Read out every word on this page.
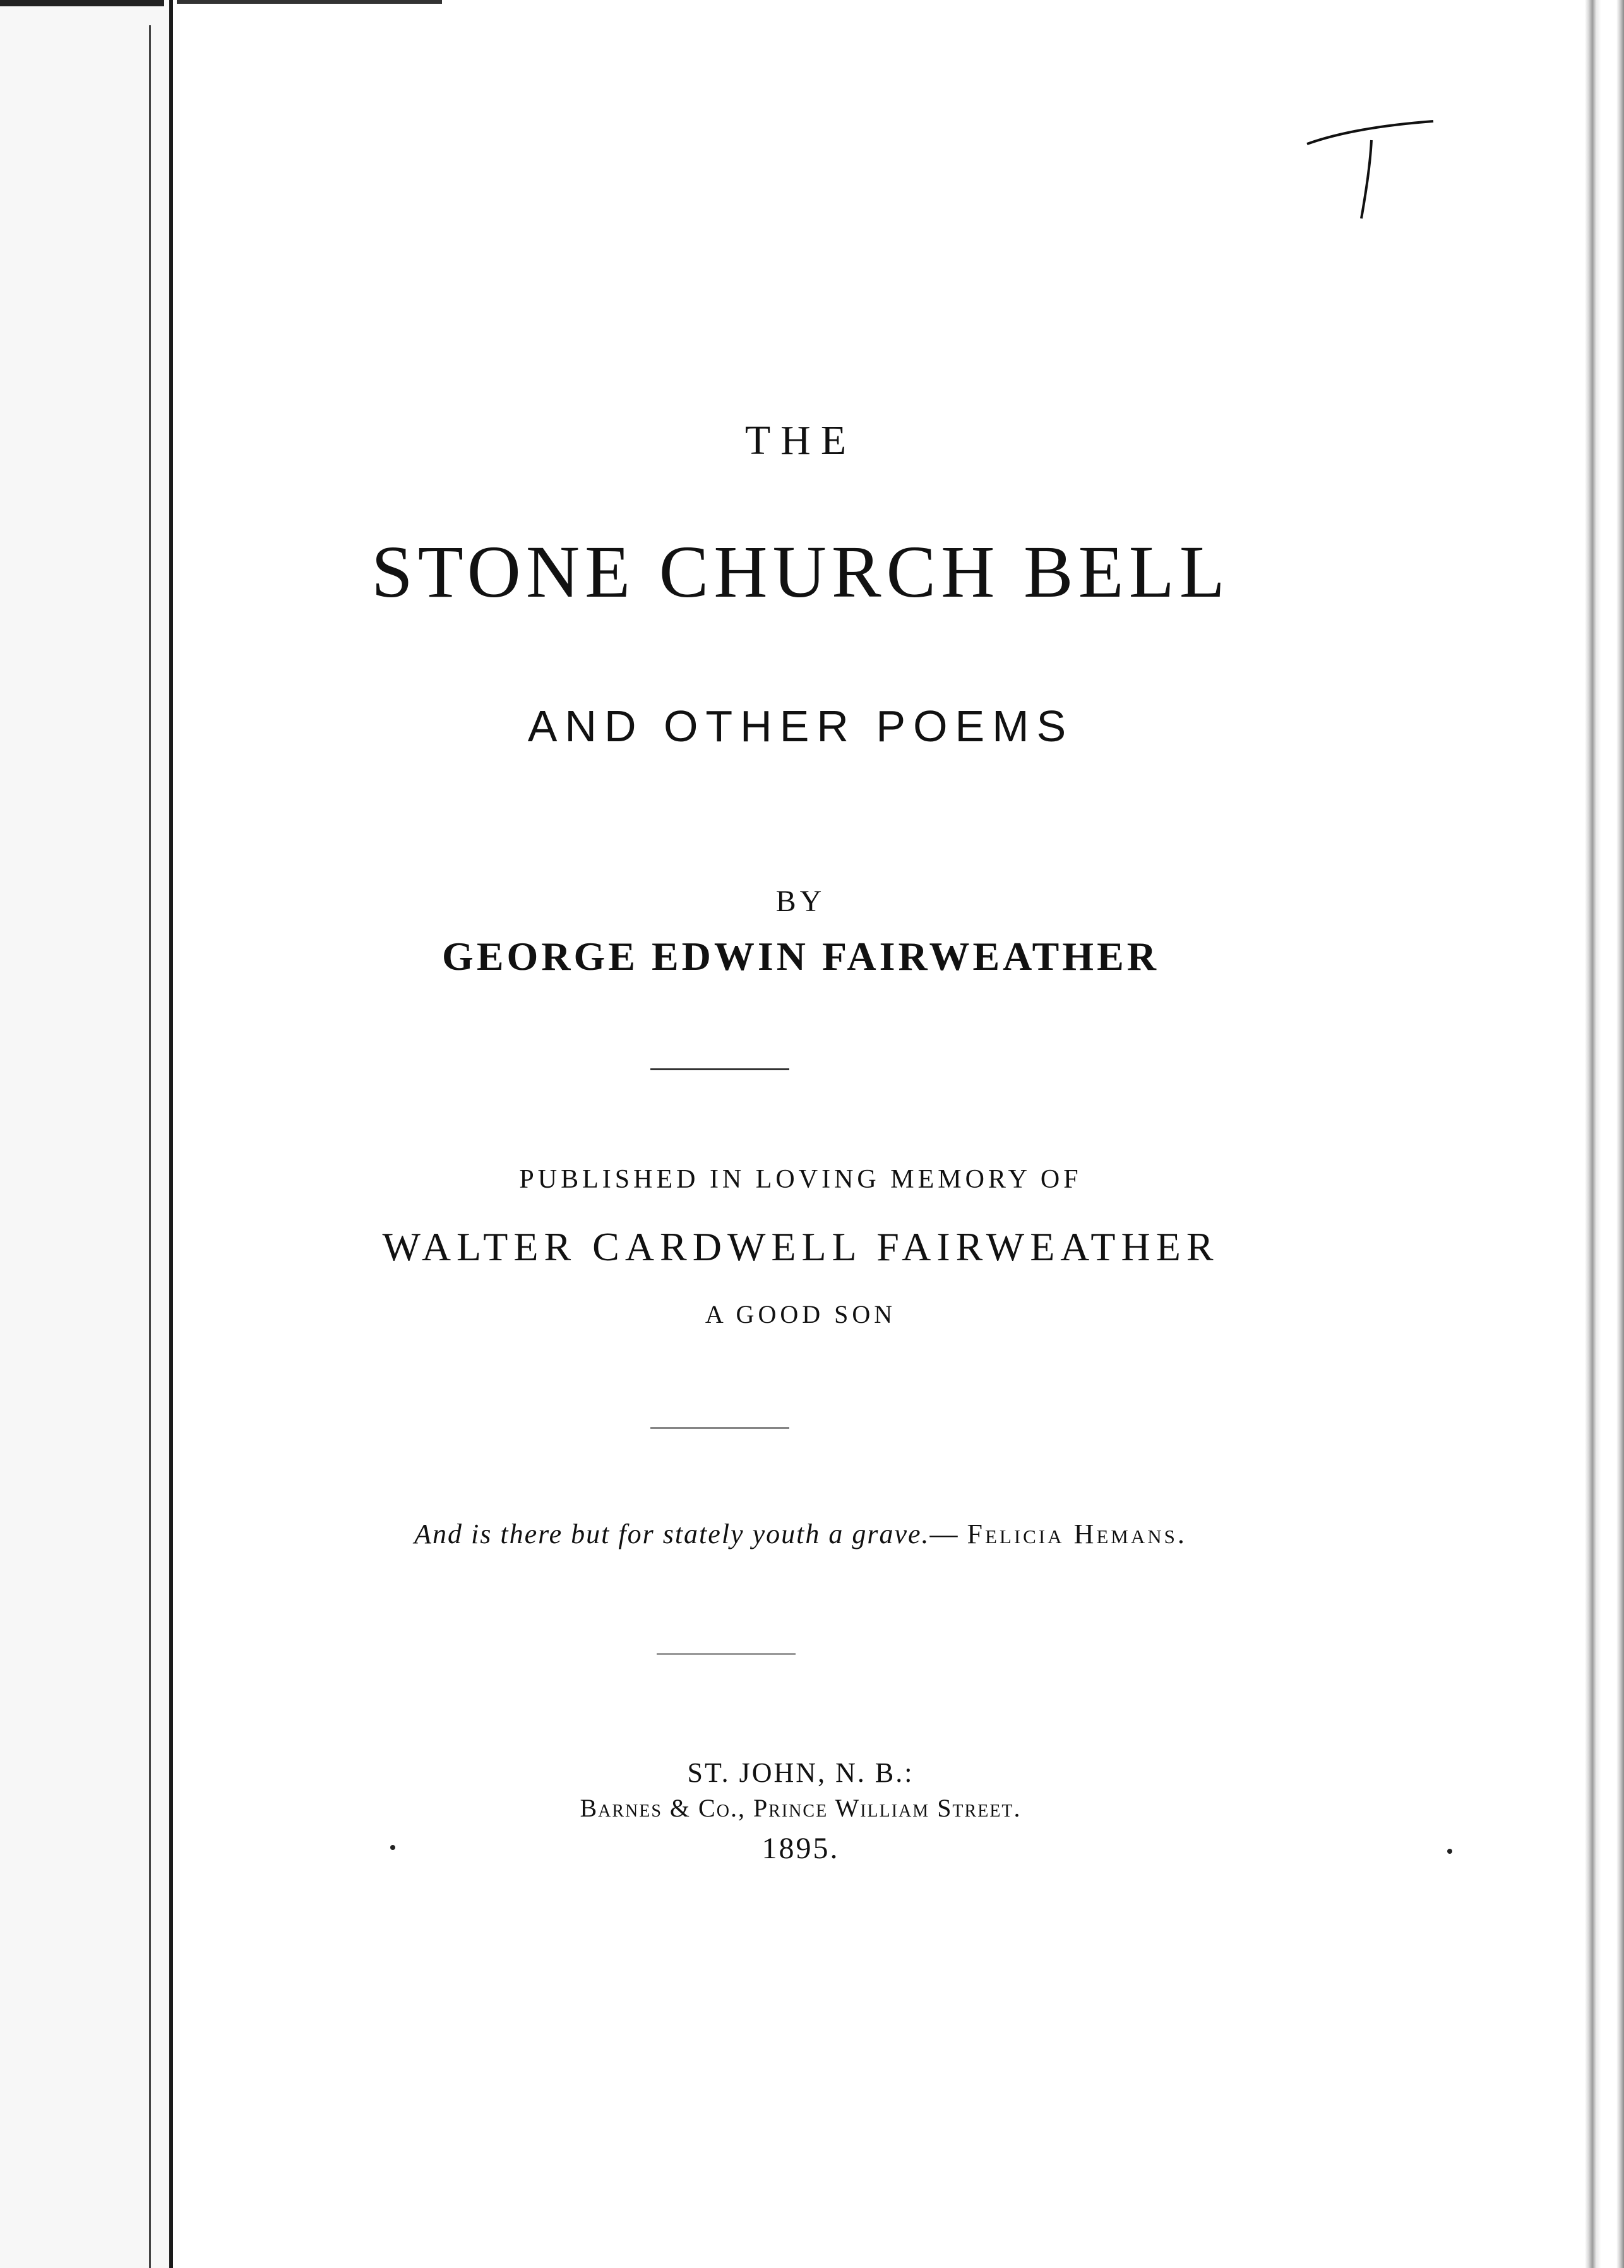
THE
STONE CHURCH BELL
AND OTHER POEMS
BY
GEORGE EDWIN FAIRWEATHER
PUBLISHED IN LOVING MEMORY OF
WALTER CARDWELL FAIRWEATHER
A GOOD SON
And is there but for stately youth a grave.— Felicia Hemans.
ST. JOHN, N. B.:
Barnes & Co., Prince William Street.
1895.
